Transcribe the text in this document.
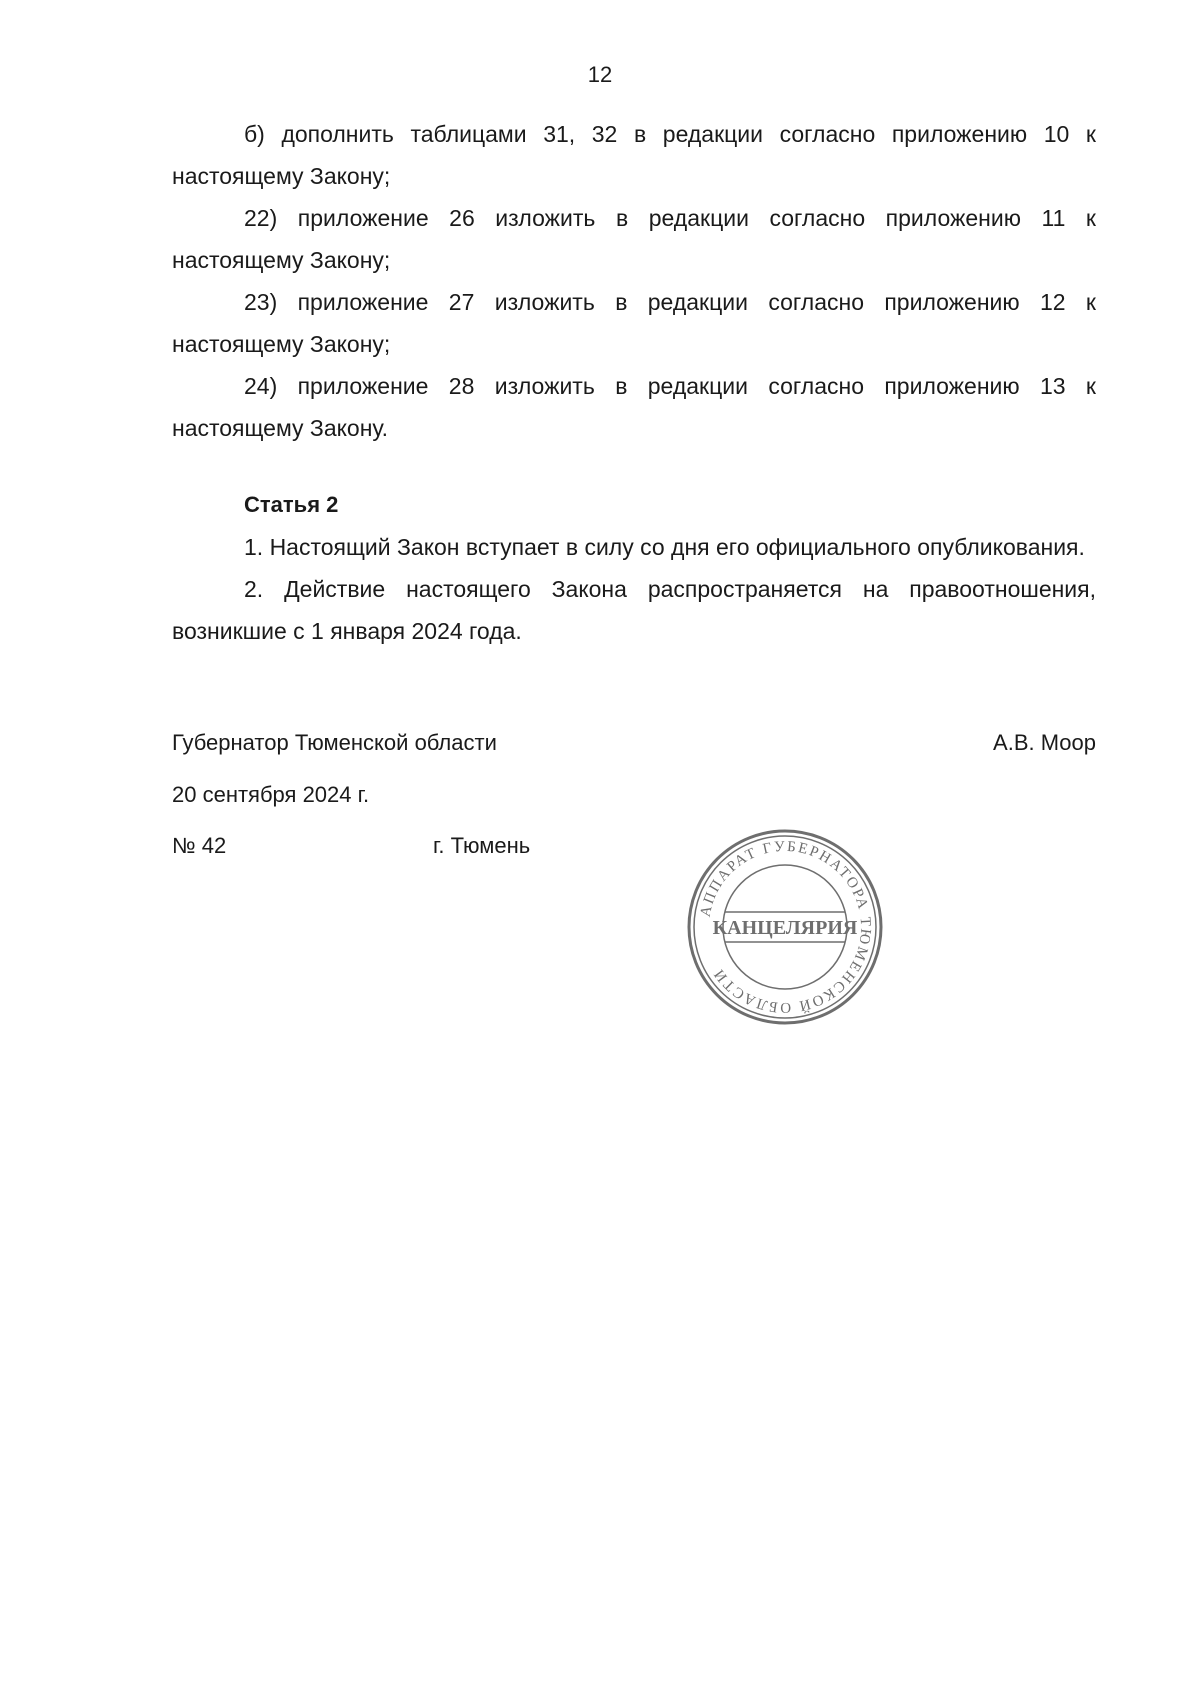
12

б) дополнить таблицами 31, 32 в редакции согласно приложению 10 к настоящему Закону;

22) приложение 26 изложить в редакции согласно приложению 11 к настоящему Закону;

23) приложение 27 изложить в редакции согласно приложению 12 к настоящему Закону;

24) приложение 28 изложить в редакции согласно приложению 13 к настоящему Закону.

Статья 2

1. Настоящий Закон вступает в силу со дня его официального опубликования.

2. Действие настоящего Закона распространяется на правоотношения, возникшие с 1 января 2024 года.

Губернатор Тюменской области	А.В. Моор
20 сентября 2024 г.
№ 42	г. Тюмень
АППАРАТ ГУБЕРНАТОРА ТЮМЕНСКОЙ ОБЛАСТИ
КАНЦЕЛЯРИЯ
